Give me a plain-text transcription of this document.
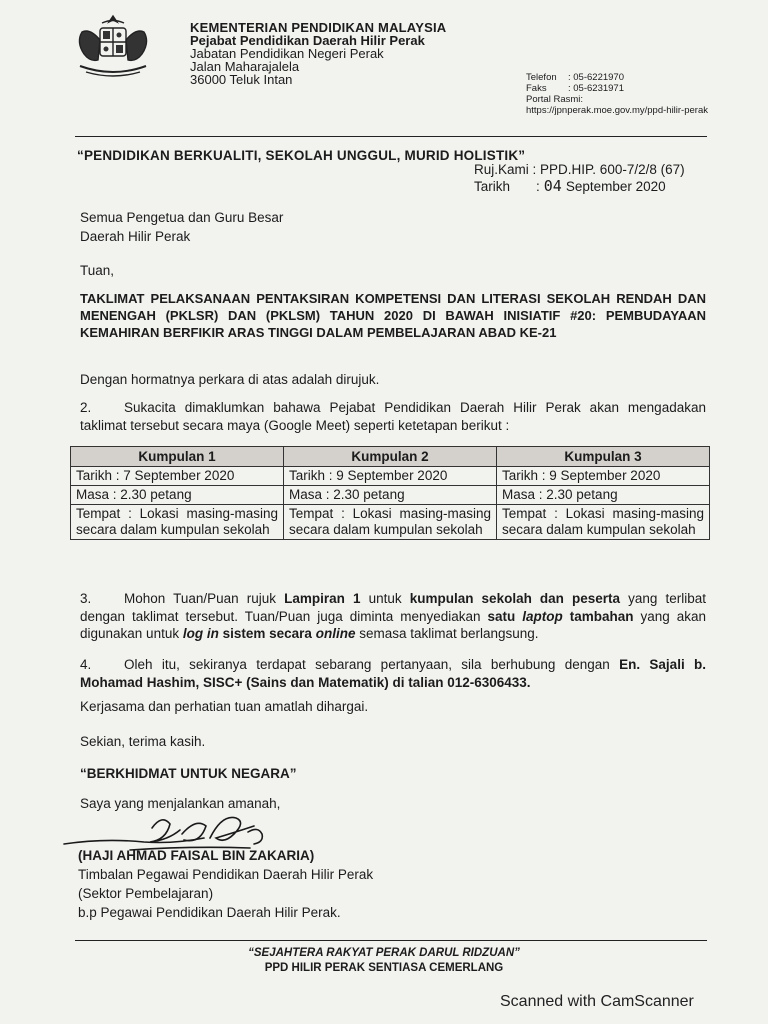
KEMENTERIAN PENDIDIKAN MALAYSIA
Pejabat Pendidikan Daerah Hilir Perak
Jabatan Pendidikan Negeri Perak
Jalan Maharajalela
36000 Teluk Intan	Telefon : 05-6221970
Faks : 05-6231971
Portal Rasmi:
https://jpnperak.moe.gov.my/ppd-hilir-perak
“PENDIDIKAN BERKUALITI, SEKOLAH UNGGUL, MURID HOLISTIK”
Ruj.Kami : PPD.HIP. 600-7/2/8 (67)
Tarikh : 04 September 2020
Semua Pengetua dan Guru Besar
Daerah Hilir Perak
Tuan,
TAKLIMAT PELAKSANAAN PENTAKSIRAN KOMPETENSI DAN LITERASI SEKOLAH RENDAH DAN MENENGAH (PKLSR) DAN (PKLSM) TAHUN 2020 DI BAWAH INISIATIF #20: PEMBUDAYAAN KEMAHIRAN BERFIKIR ARAS TINGGI DALAM PEMBELAJARAN ABAD KE-21
Dengan hormatnya perkara di atas adalah dirujuk.
2. Sukacita dimaklumkan bahawa Pejabat Pendidikan Daerah Hilir Perak akan mengadakan taklimat tersebut secara maya (Google Meet) seperti ketetapan berikut :
Kumpulan 1	Kumpulan 2	Kumpulan 3
Tarikh : 7 September 2020	Tarikh : 9 September 2020	Tarikh : 9 September 2020
Masa : 2.30 petang	Masa : 2.30 petang	Masa : 2.30 petang
Tempat : Lokasi masing-masing secara dalam kumpulan sekolah	Tempat : Lokasi masing-masing secara dalam kumpulan sekolah	Tempat : Lokasi masing-masing secara dalam kumpulan sekolah
3. Mohon Tuan/Puan rujuk Lampiran 1 untuk kumpulan sekolah dan peserta yang terlibat dengan taklimat tersebut. Tuan/Puan juga diminta menyediakan satu laptop tambahan yang akan digunakan untuk log in sistem secara online semasa taklimat berlangsung.
4. Oleh itu, sekiranya terdapat sebarang pertanyaan, sila berhubung dengan En. Sajali b. Mohamad Hashim, SISC+ (Sains dan Matematik) di talian 012-6306433.
Kerjasama dan perhatian tuan amatlah dihargai.
Sekian, terima kasih.
“BERKHIDMAT UNTUK NEGARA”
Saya yang menjalankan amanah,
(HAJI AHMAD FAISAL BIN ZAKARIA)
Timbalan Pegawai Pendidikan Daerah Hilir Perak
(Sektor Pembelajaran)
b.p Pegawai Pendidikan Daerah Hilir Perak.
“SEJAHTERA RAKYAT PERAK DARUL RIDZUAN”
PPD HILIR PERAK SENTIASA CEMERLANG
Scanned with CamScanner
